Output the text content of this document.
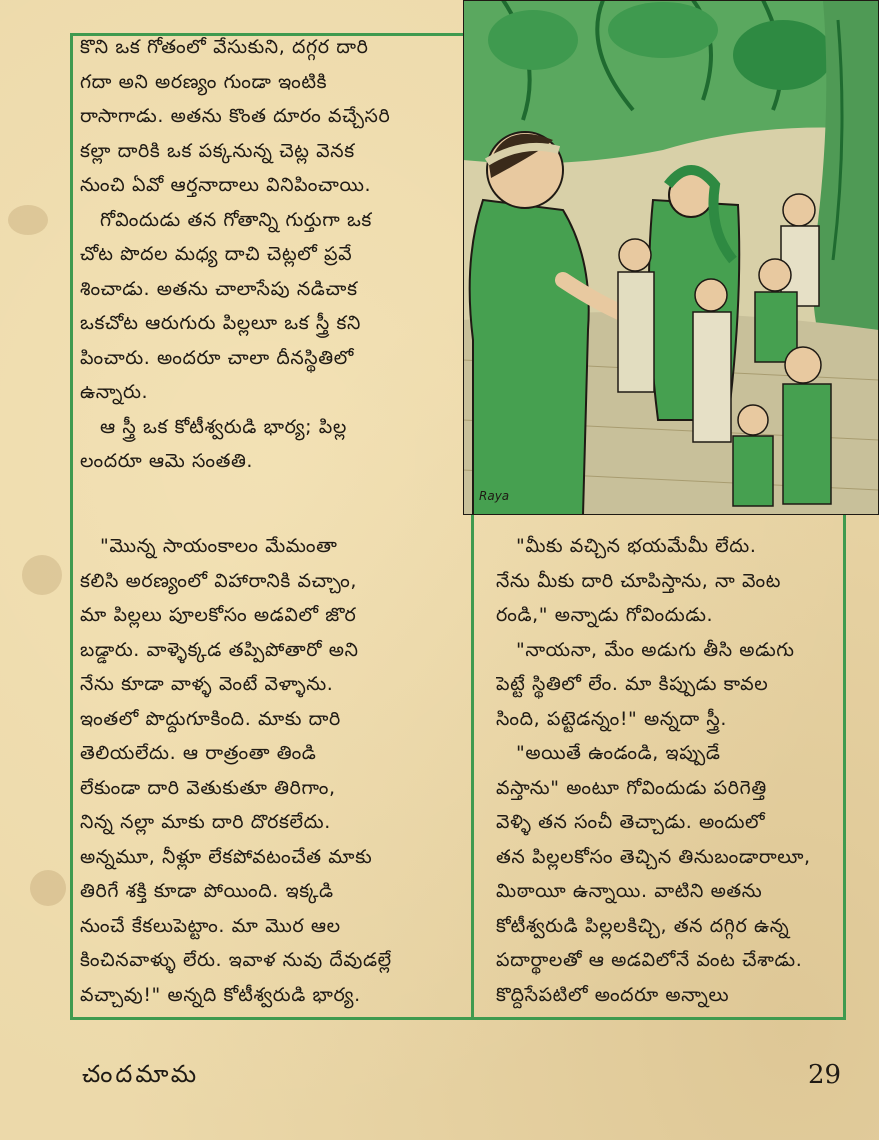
Raya
కొని ఒక గోతంలో వేసుకుని, దగ్గర దారి
గదా అని అరణ్యం గుండా ఇంటికి
రాసాగాడు. అతను కొంత దూరం వచ్చేసరి
కల్లా దారికి ఒక పక్కనున్న చెట్ల వెనక
నుంచి ఏవో ఆర్తనాదాలు వినిపించాయి.
గోవిందుడు తన గోతాన్ని గుర్తుగా ఒక
చోట పొదల మధ్య దాచి చెట్లలో ప్రవే
శించాడు. అతను చాలాసేపు నడిచాక
ఒకచోట ఆరుగురు పిల్లలూ ఒక స్త్రీ కని
పించారు. అందరూ చాలా దీనస్థితిలో
ఉన్నారు.
ఆ స్త్రీ ఒక కోటీశ్వరుడి భార్య; పిల్ల
లందరూ ఆమె సంతతి.
"మొన్న సాయంకాలం మేమంతా
కలిసి అరణ్యంలో విహారానికి వచ్చాం,
మా పిల్లలు పూలకోసం అడవిలో జొర
బడ్డారు. వాళ్ళెక్కడ తప్పిపోతారో అని
నేను కూడా వాళ్ళ వెంటే వెళ్ళాను.
ఇంతలో పొద్దుగూకింది. మాకు దారి
తెలియలేదు. ఆ రాత్రంతా తిండి
లేకుండా దారి వెతుకుతూ తిరిగాం,
నిన్న నల్లా మాకు దారి దొరకలేదు.
అన్నమూ, నీళ్లూ లేకపోవటంచేత మాకు
తిరిగే శక్తి కూడా పోయింది. ఇక్కడి
నుంచే కేకలుపెట్టాం. మా మొర ఆల
కించినవాళ్ళు లేరు. ఇవాళ నువు దేవుడల్లే
వచ్చావు!" అన్నది కోటీశ్వరుడి భార్య.
"మీకు వచ్చిన భయమేమీ లేదు.
నేను మీకు దారి చూపిస్తాను, నా వెంట
రండి," అన్నాడు గోవిందుడు.
"నాయనా, మేం అడుగు తీసి అడుగు
పెట్టే స్థితిలో లేం. మా కిప్పుడు కావల
సింది, పట్టెడన్నం!" అన్నదా స్త్రీ.
"అయితే ఉండండి, ఇప్పుడే
వస్తాను" అంటూ గోవిందుడు పరిగెత్తి
వెళ్ళి తన సంచీ తెచ్చాడు. అందులో
తన పిల్లలకోసం తెచ్చిన తినుబండారాలూ,
మిఠాయీ ఉన్నాయి. వాటిని అతను
కోటీశ్వరుడి పిల్లలకిచ్చి, తన దగ్గిర ఉన్న
పదార్థాలతో ఆ అడవిలోనే వంట చేశాడు.
కొద్దిసేపటిలో అందరూ అన్నాలు
చందమామ	29
